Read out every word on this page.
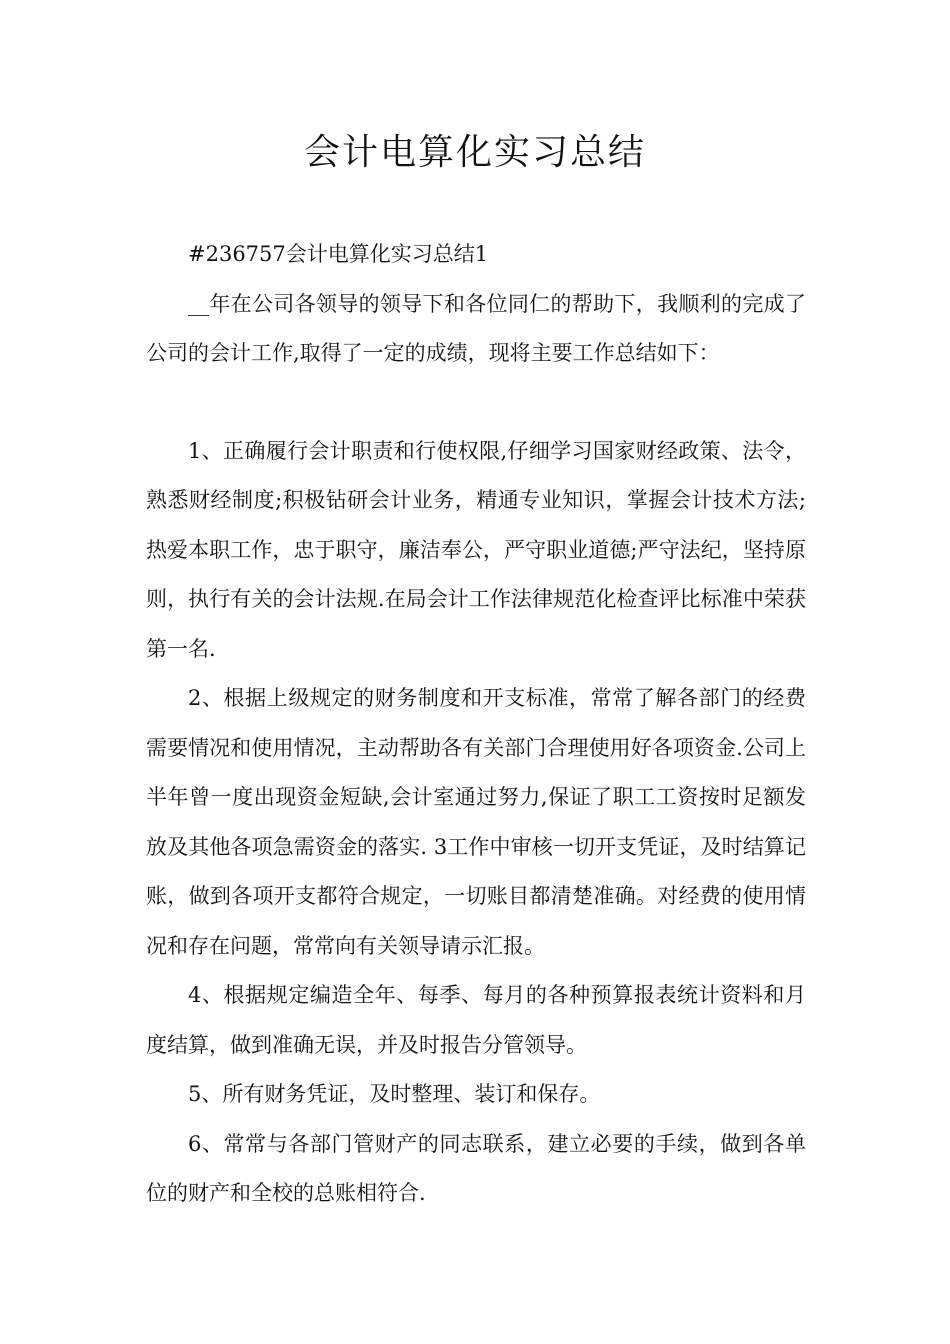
会计电算化实习总结

#236757会计电算化实习总结1

__年在公司各领导的领导下和各位同仁的帮助下，我顺利的完成了公司的会计工作,取得了一定的成绩，现将主要工作总结如下：

1、正确履行会计职责和行使权限,仔细学习国家财经政策、法令，熟悉财经制度;积极钻研会计业务，精通专业知识，掌握会计技术方法;热爱本职工作，忠于职守，廉洁奉公，严守职业道德;严守法纪，坚持原则，执行有关的会计法规.在局会计工作法律规范化检查评比标准中荣获第一名.

2、根据上级规定的财务制度和开支标准，常常了解各部门的经费需要情况和使用情况，主动帮助各有关部门合理使用好各项资金.公司上半年曾一度出现资金短缺,会计室通过努力,保证了职工工资按时足额发放及其他各项急需资金的落实. 3工作中审核一切开支凭证，及时结算记账，做到各项开支都符合规定，一切账目都清楚准确。对经费的使用情况和存在问题，常常向有关领导请示汇报。

4、根据规定编造全年、每季、每月的各种预算报表统计资料和月度结算，做到准确无误，并及时报告分管领导。

5、所有财务凭证，及时整理、装订和保存。

6、常常与各部门管财产的同志联系，建立必要的手续，做到各单位的财产和全校的总账相符合.
